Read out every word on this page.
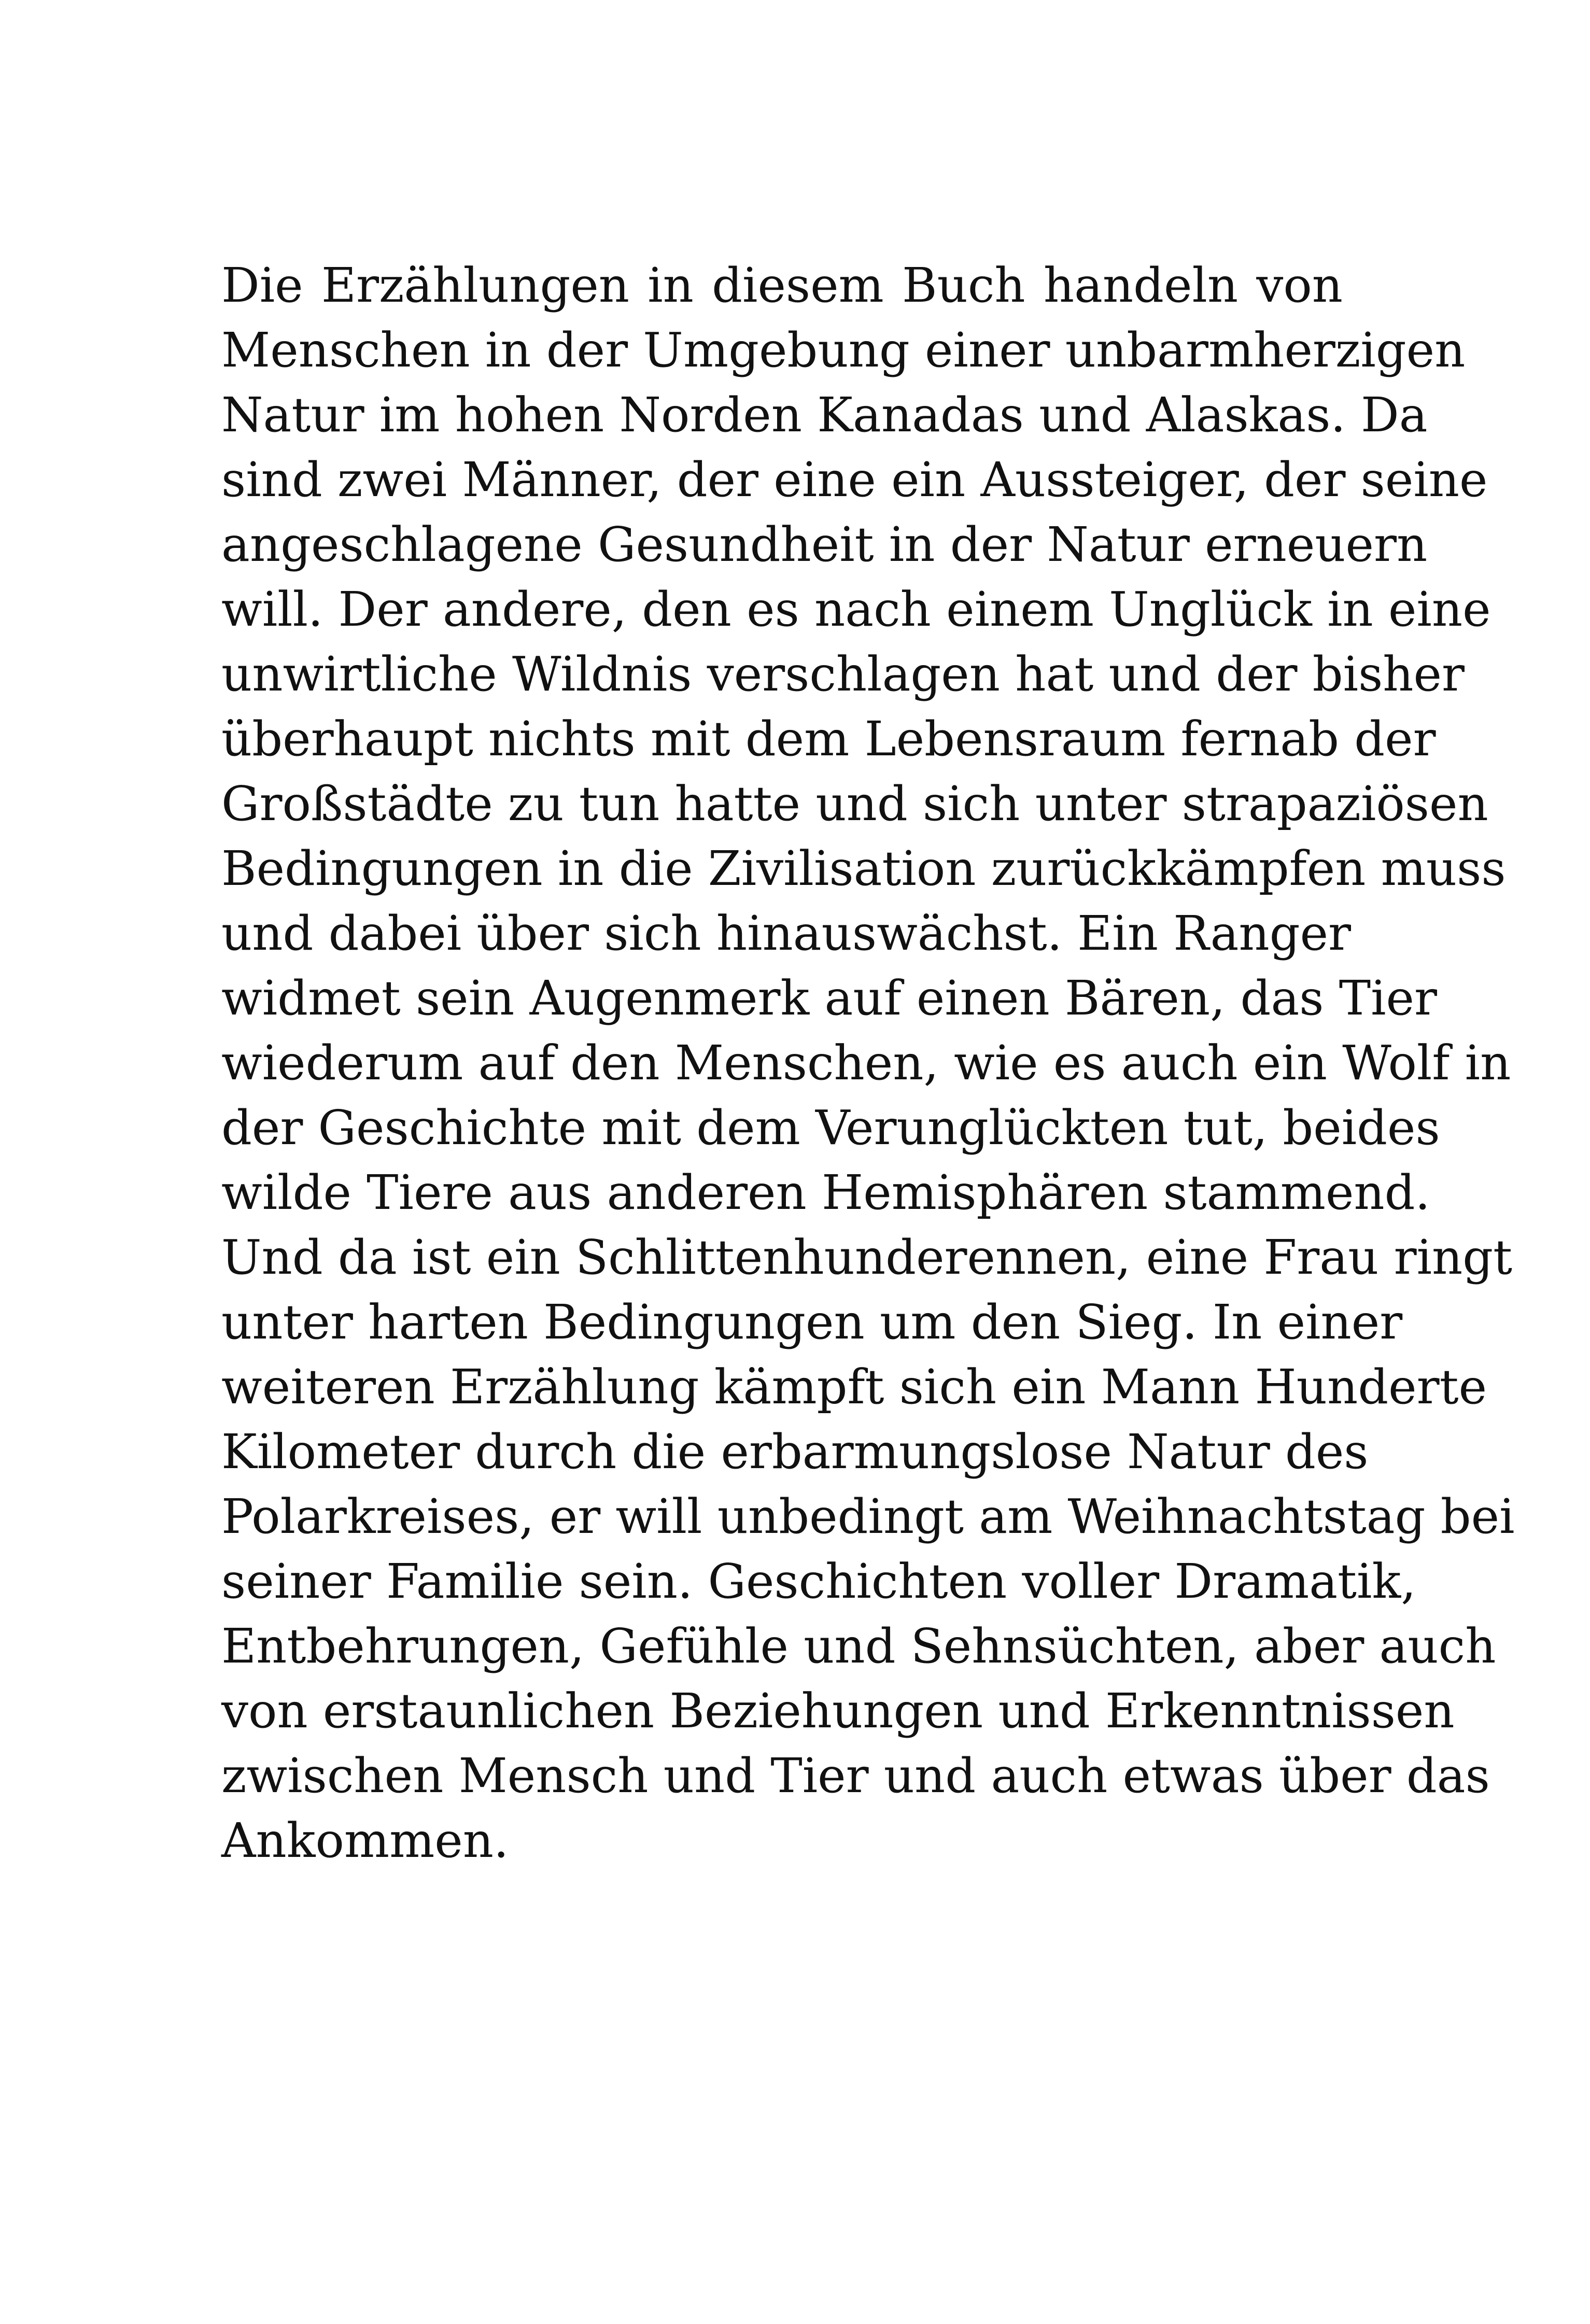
Die Erzählungen in diesem Buch handeln von
Menschen in der Umgebung einer unbarmherzigen
Natur im hohen Norden Kanadas und Alaskas. Da
sind zwei Männer, der eine ein Aussteiger, der seine
angeschlagene Gesundheit in der Natur erneuern
will. Der andere, den es nach einem Unglück in eine
unwirtliche Wildnis verschlagen hat und der bisher
überhaupt nichts mit dem Lebensraum fernab der
Großstädte zu tun hatte und sich unter strapaziösen
Bedingungen in die Zivilisation zurückkämpfen muss
und dabei über sich hinauswächst. Ein Ranger
widmet sein Augenmerk auf einen Bären, das Tier
wiederum auf den Menschen, wie es auch ein Wolf in
der Geschichte mit dem Verunglückten tut, beides
wilde Tiere aus anderen Hemisphären stammend.
Und da ist ein Schlittenhunderennen, eine Frau ringt
unter harten Bedingungen um den Sieg. In einer
weiteren Erzählung kämpft sich ein Mann Hunderte
Kilometer durch die erbarmungslose Natur des
Polarkreises, er will unbedingt am Weihnachtstag bei
seiner Familie sein. Geschichten voller Dramatik,
Entbehrungen, Gefühle und Sehnsüchten, aber auch
von erstaunlichen Beziehungen und Erkenntnissen
zwischen Mensch und Tier und auch etwas über das
Ankommen.
